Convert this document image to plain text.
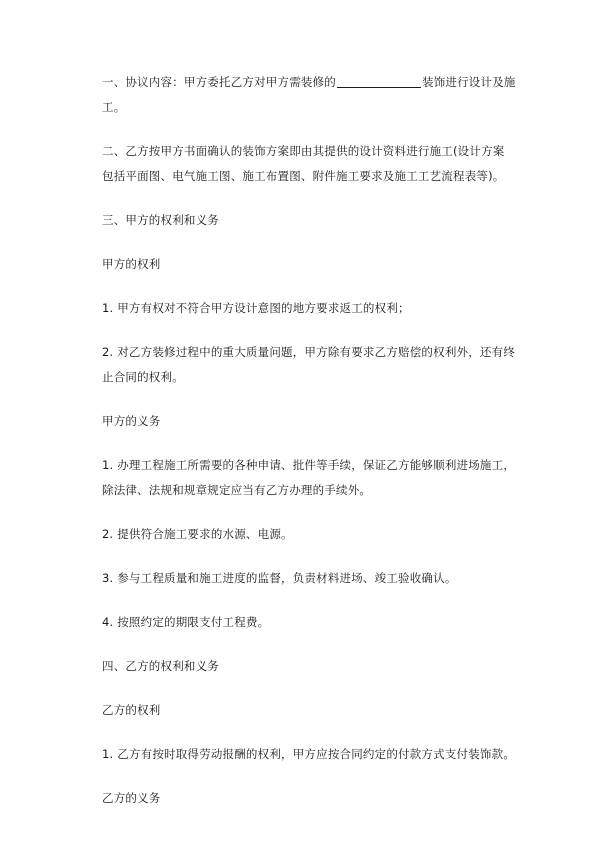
一、协议内容：甲方委托乙方对甲方需装修的	装饰进行设计及施
工。

二、乙方按甲方书面确认的装饰方案即由其提供的设计资料进行施工(设计方案
包括平面图、电气施工图、施工布置图、附件施工要求及施工工艺流程表等)。

三、甲方的权利和义务

甲方的权利

1. 甲方有权对不符合甲方设计意图的地方要求返工的权利；

2. 对乙方装修过程中的重大质量问题，甲方除有要求乙方赔偿的权利外，还有终
止合同的权利。

甲方的义务

1. 办理工程施工所需要的各种申请、批件等手续，保证乙方能够顺利进场施工，
除法律、法规和规章规定应当有乙方办理的手续外。

2. 提供符合施工要求的水源、电源。

3. 参与工程质量和施工进度的监督，负责材料进场、竣工验收确认。

4. 按照约定的期限支付工程费。

四、乙方的权利和义务

乙方的权利

1. 乙方有按时取得劳动报酬的权利，甲方应按合同约定的付款方式支付装饰款。

乙方的义务
